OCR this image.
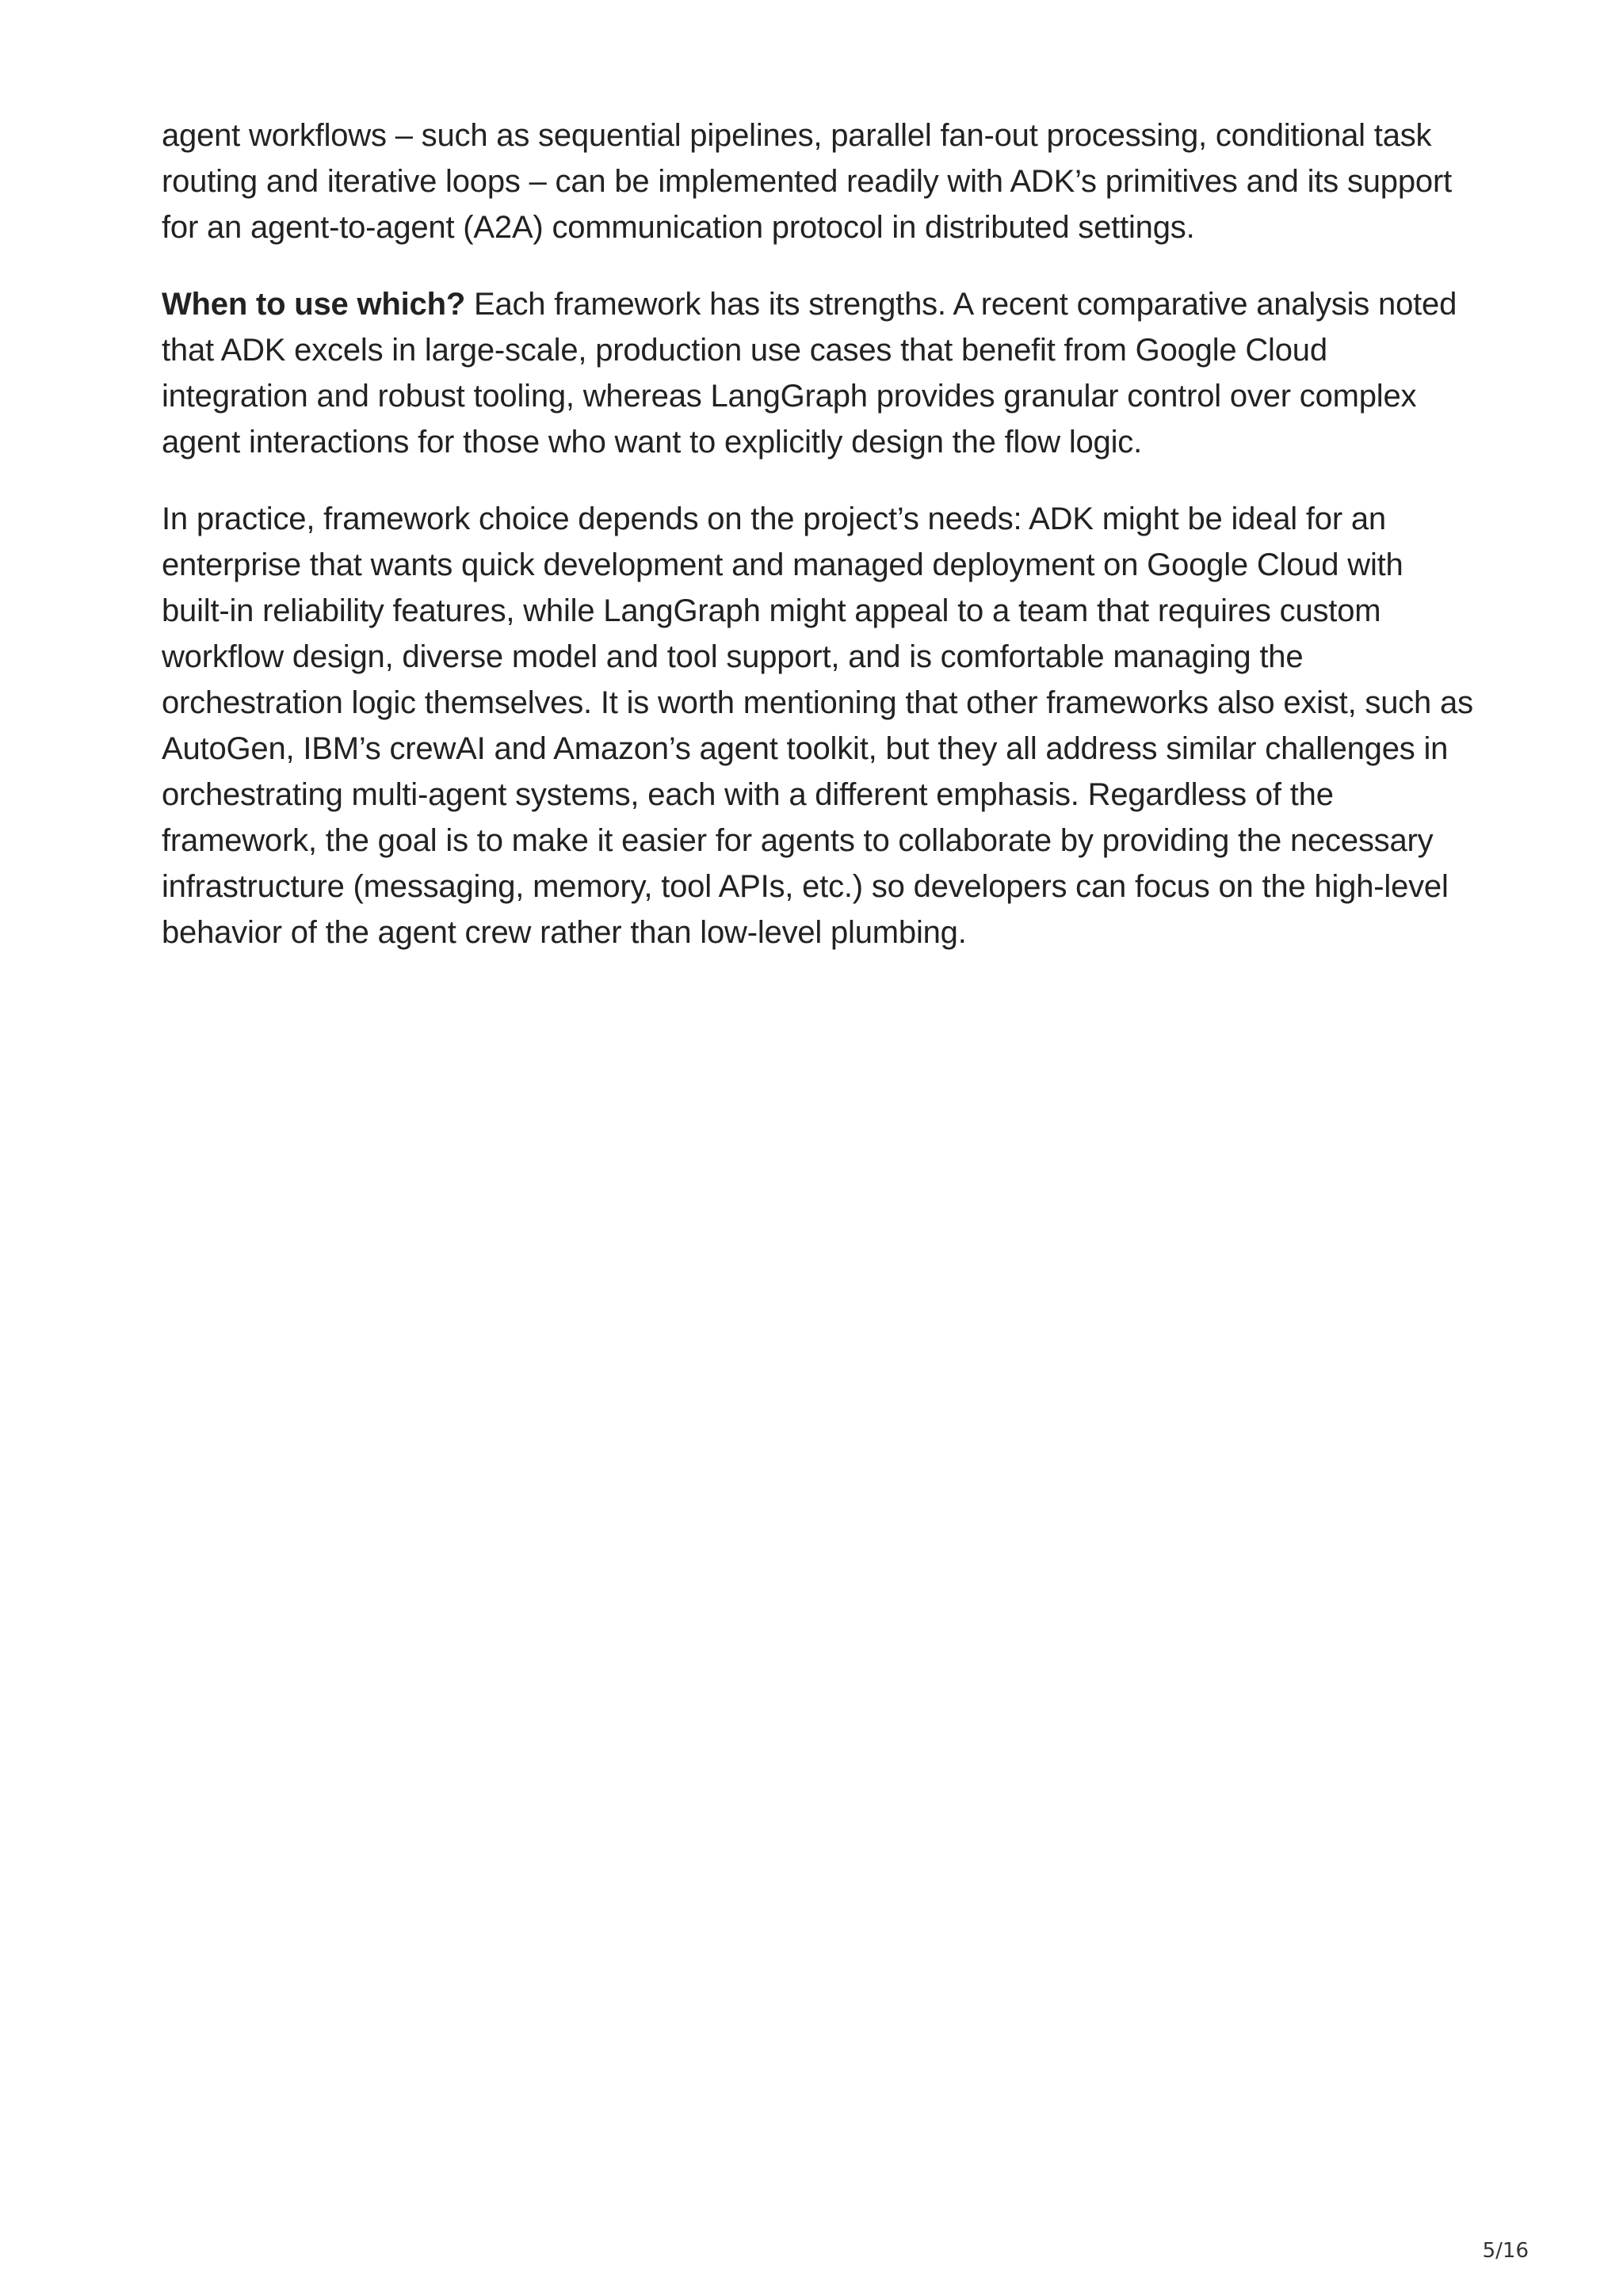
agent workflows – such as sequential pipelines, parallel fan-out processing, conditional task routing and iterative loops – can be implemented readily with ADK’s primitives and its support for an agent-to-agent (A2A) communication protocol in distributed settings.

When to use which? Each framework has its strengths. A recent comparative analysis noted that ADK excels in large-scale, production use cases that benefit from Google Cloud integration and robust tooling, whereas LangGraph provides granular control over complex agent interactions for those who want to explicitly design the flow logic.

In practice, framework choice depends on the project’s needs: ADK might be ideal for an enterprise that wants quick development and managed deployment on Google Cloud with built-in reliability features, while LangGraph might appeal to a team that requires custom workflow design, diverse model and tool support, and is comfortable managing the orchestration logic themselves. It is worth mentioning that other frameworks also exist, such as AutoGen, IBM’s crewAI and Amazon’s agent toolkit, but they all address similar challenges in orchestrating multi-agent systems, each with a different emphasis. Regardless of the framework, the goal is to make it easier for agents to collaborate by providing the necessary infrastructure (messaging, memory, tool APIs, etc.) so developers can focus on the high-level behavior of the agent crew rather than low-level plumbing.

5/16
